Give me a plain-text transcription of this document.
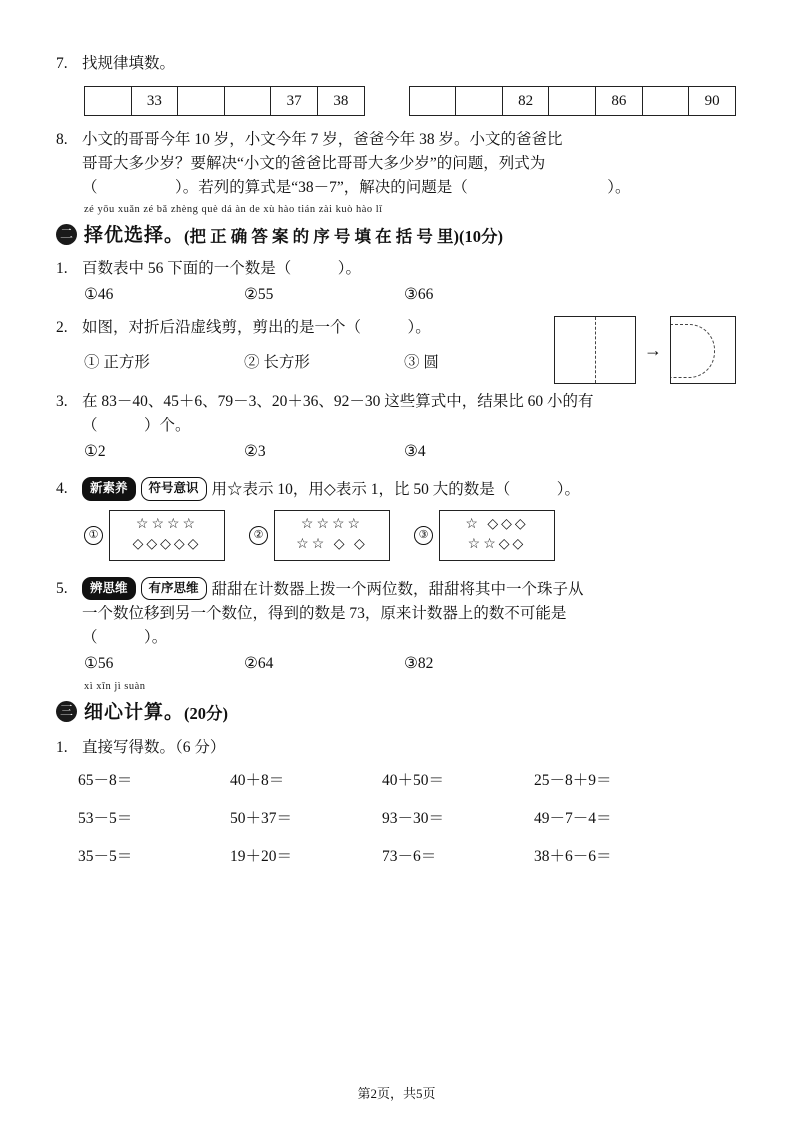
7. 找规律填数。
	33			37	38
			82		86		90
8. 小文的哥哥今年 10 岁，小文今年 7 岁，爸爸今年 38 岁。小文的爸爸比
哥哥大多少岁？要解决“小文的爸爸比哥哥大多少岁”的问题，列式为
（　　　　　）。若列的算式是“38－7”，解决的问题是（　　　　　　　　　）。
二
zé yōu xuǎn zé bǎ zhèng què dá àn de xù hào tián zài kuò hào lǐ
择优选择。 (把 正 确 答 案 的 序 号 填 在 括 号 里)(10分)
1. 百数表中 56 下面的一个数是（　　　）。
①46	②55	③66
2. 如图，对折后沿虚线剪，剪出的是一个（　　　）。
① 正方形	② 长方形	③ 圆
→
3. 在 83－40、45＋6、79－3、20＋36、92－30 这些算式中，结果比 60 小的有
（　　　）个。
①2	②3	③4
4.	新素养 符号意识 用☆表示 10，用◇表示 1，比 50 大的数是（　　　）。
①
☆☆☆☆
◇◇◇◇◇
②
☆☆☆☆
☆☆ ◇ ◇
③
☆ ◇◇◇
☆☆◇◇
5.	辨思维 有序思维 甜甜在计数器上拨一个两位数，甜甜将其中一个珠子从
一个数位移到另一个数位，得到的数是 73，原来计数器上的数不可能是
（　　　）。
①56	②64	③82
三
xì xīn jì suàn
细心计算。 (20分)
1. 直接写得数。（6 分）
65－8＝	40＋8＝	40＋50＝	25－8＋9＝
53－5＝	50＋37＝	93－30＝	49－7－4＝
35－5＝	19＋20＝	73－6＝	38＋6－6＝
第2页，共5页
